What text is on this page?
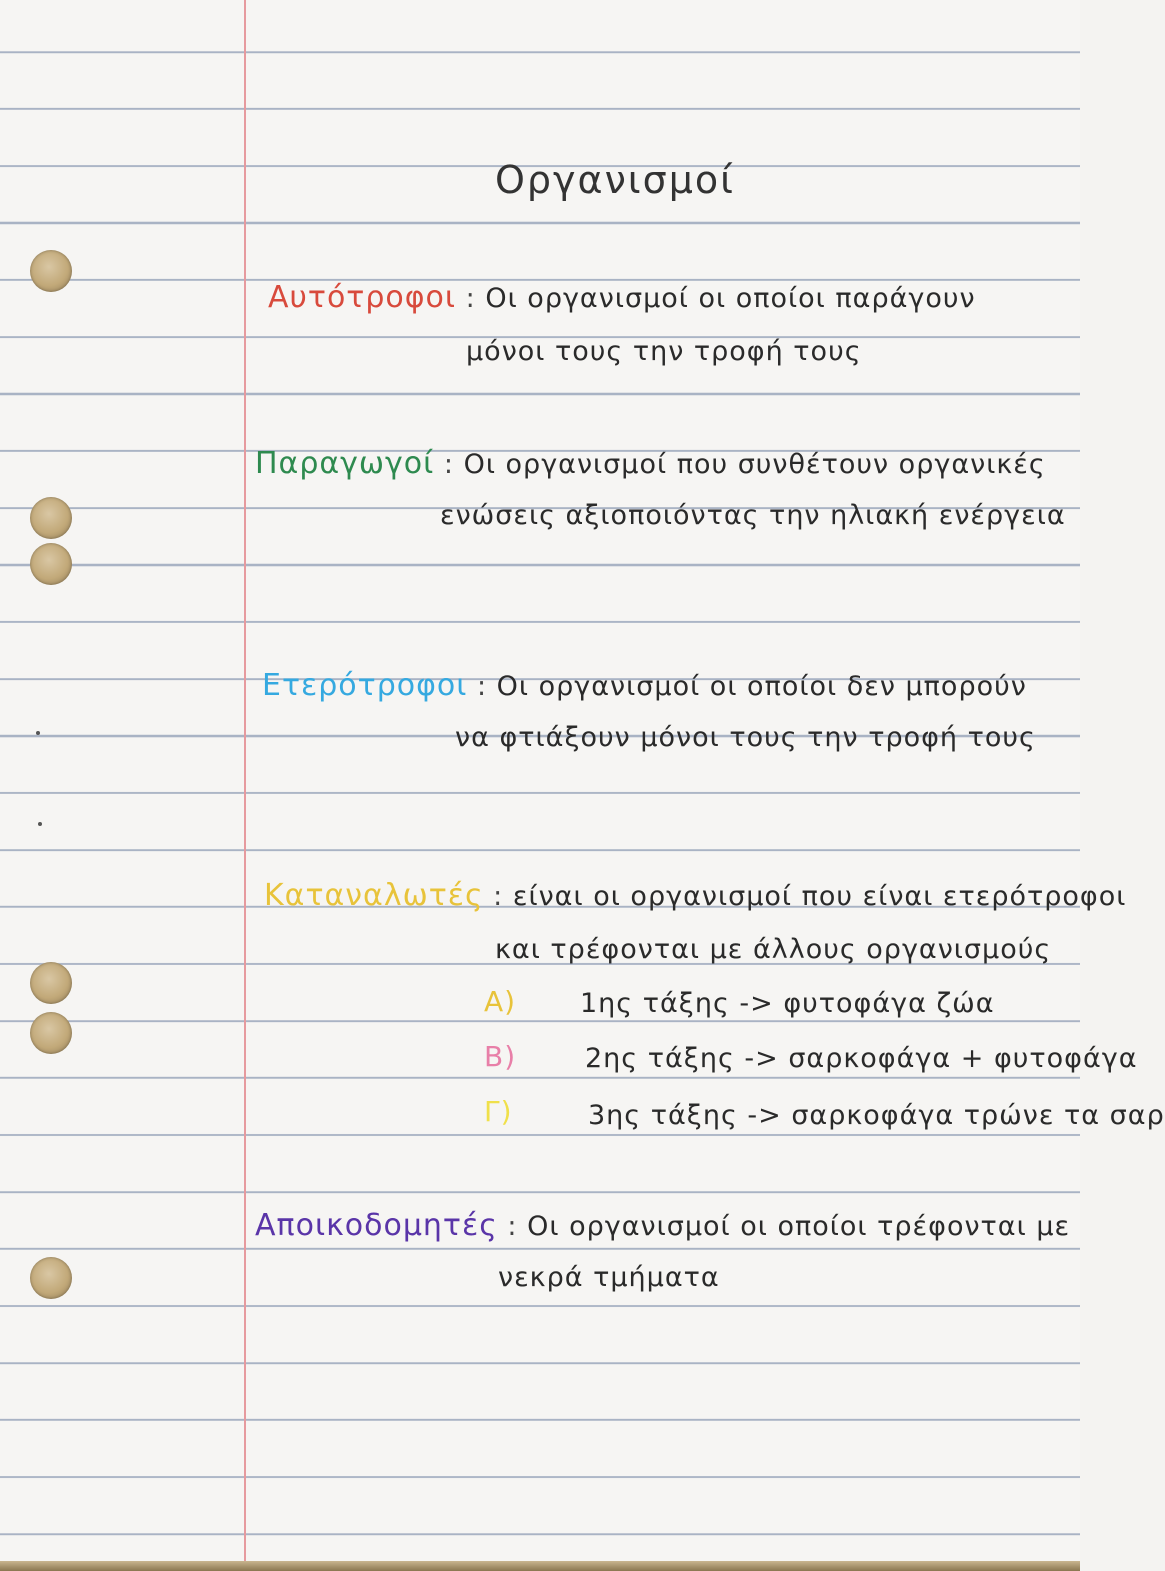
Οργανισμοί
Αυτότροφοι : Οι οργανισμοί οι οποίοι παράγουν
μόνοι τους την τροφή τους
Παραγωγοί : Οι οργανισμοί που συνθέτουν οργανικές
ενώσεις αξιοποιόντας την ηλιακή ενέργεια
Ετερότροφοι : Οι οργανισμοί οι οποίοι δεν μπορούν
να φτιάξουν μόνοι τους την τροφή τους
Καταναλωτές : είναι οι οργανισμοί που είναι ετερότροφοι
και τρέφονται με άλλους οργανισμούς
A) 1ης τάξης -> φυτοφάγα ζώα
B)	2ης τάξης -> σαρκοφάγα + φυτοφάγα
Γ)	3ης τάξης -> σαρκοφάγα τρώνε τα σαρ
Αποικοδομητές : Οι οργανισμοί οι οποίοι τρέφονται με
νεκρά τμήματα
